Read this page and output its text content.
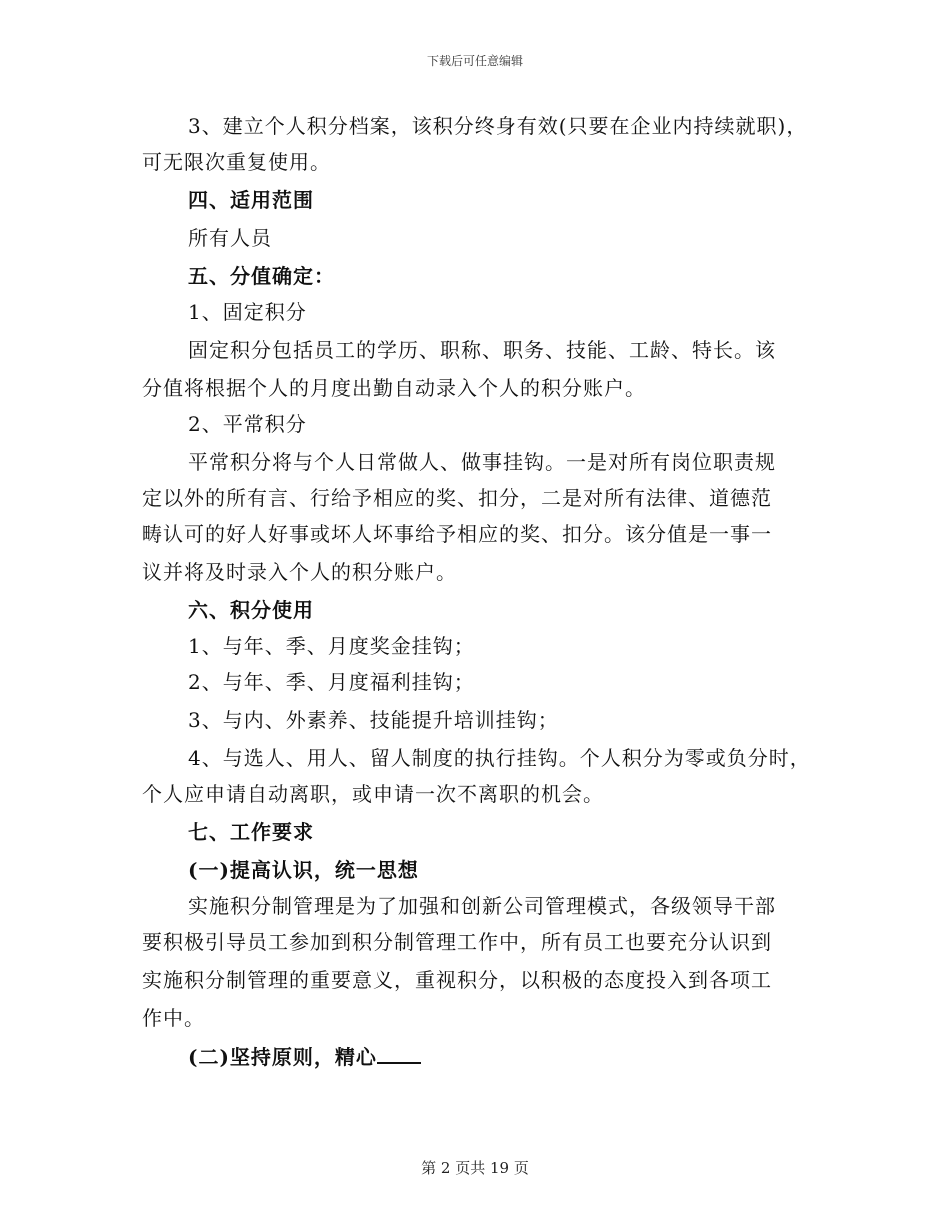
下载后可任意编辑
3、建立个人积分档案，该积分终身有效(只要在企业内持续就职)，
可无限次重复使用。
四、适用范围
所有人员
五、分值确定：
1、固定积分
固定积分包括员工的学历、职称、职务、技能、工龄、特长。该
分值将根据个人的月度出勤自动录入个人的积分账户。
2、平常积分
平常积分将与个人日常做人、做事挂钩。一是对所有岗位职责规
定以外的所有言、行给予相应的奖、扣分，二是对所有法律、道德范
畴认可的好人好事或坏人坏事给予相应的奖、扣分。该分值是一事一
议并将及时录入个人的积分账户。
六、积分使用
1、与年、季、月度奖金挂钩；
2、与年、季、月度福利挂钩；
3、与内、外素养、技能提升培训挂钩；
4、与选人、用人、留人制度的执行挂钩。个人积分为零或负分时，
个人应申请自动离职，或申请一次不离职的机会。
七、工作要求
(一)提高认识，统一思想
实施积分制管理是为了加强和创新公司管理模式，各级领导干部
要积极引导员工参加到积分制管理工作中，所有员工也要充分认识到
实施积分制管理的重要意义，重视积分，以积极的态度投入到各项工
作中。
(二)坚持原则，精心
第 2 页共 19 页
